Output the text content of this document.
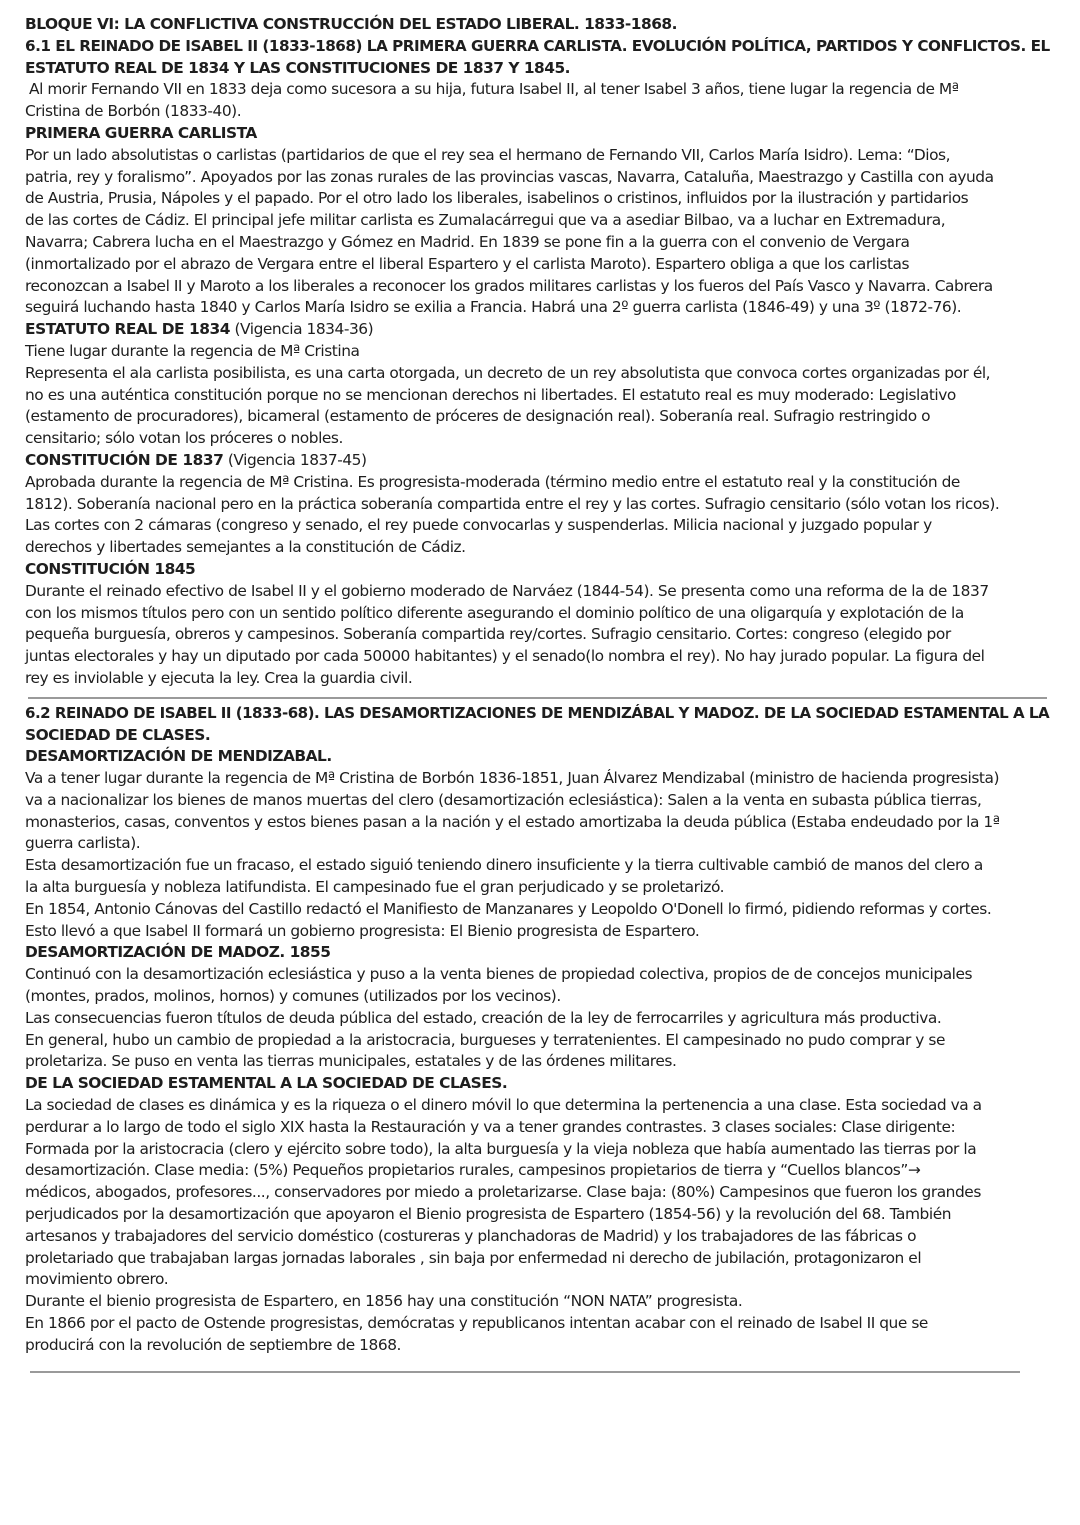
BLOQUE VI: LA CONFLICTIVA CONSTRUCCIÓN DEL ESTADO LIBERAL. 1833-1868.

6.1 EL REINADO DE ISABEL II (1833-1868) LA PRIMERA GUERRA CARLISTA. EVOLUCIÓN POLÍTICA, PARTIDOS Y CONFLICTOS. EL

ESTATUTO REAL DE 1834 Y LAS CONSTITUCIONES DE 1837 Y 1845.

Al morir Fernando VII en 1833 deja como sucesora a su hija, futura Isabel II, al tener Isabel 3 años, tiene lugar la regencia de Mª

Cristina de Borbón (1833-40).

PRIMERA GUERRA CARLISTA

Por un lado absolutistas o carlistas (partidarios de que el rey sea el hermano de Fernando VII, Carlos María Isidro). Lema: “Dios,

patria, rey y foralismo”. Apoyados por las zonas rurales de las provincias vascas, Navarra, Cataluña, Maestrazgo y Castilla con ayuda

de Austria, Prusia, Nápoles y el papado. Por el otro lado los liberales, isabelinos o cristinos, influidos por la ilustración y partidarios

de las cortes de Cádiz. El principal jefe militar carlista es Zumalacárregui que va a asediar Bilbao, va a luchar en Extremadura,

Navarra; Cabrera lucha en el Maestrazgo y Gómez en Madrid. En 1839 se pone fin a la guerra con el convenio de Vergara

(inmortalizado por el abrazo de Vergara entre el liberal Espartero y el carlista Maroto). Espartero obliga a que los carlistas

reconozcan a Isabel II y Maroto a los liberales a reconocer los grados militares carlistas y los fueros del País Vasco y Navarra. Cabrera

seguirá luchando hasta 1840 y Carlos María Isidro se exilia a Francia. Habrá una 2º guerra carlista (1846-49) y una 3º (1872-76).

ESTATUTO REAL DE 1834 (Vigencia 1834-36)

Tiene lugar durante la regencia de Mª Cristina

Representa el ala carlista posibilista, es una carta otorgada, un decreto de un rey absolutista que convoca cortes organizadas por él,

no es una auténtica constitución porque no se mencionan derechos ni libertades. El estatuto real es muy moderado: Legislativo

(estamento de procuradores), bicameral (estamento de próceres de designación real). Soberanía real. Sufragio restringido o

censitario; sólo votan los próceres o nobles.

CONSTITUCIÓN DE 1837 (Vigencia 1837-45)

Aprobada durante la regencia de Mª Cristina. Es progresista-moderada (término medio entre el estatuto real y la constitución de

1812). Soberanía nacional pero en la práctica soberanía compartida entre el rey y las cortes. Sufragio censitario (sólo votan los ricos).

Las cortes con 2 cámaras (congreso y senado, el rey puede convocarlas y suspenderlas. Milicia nacional y juzgado popular y

derechos y libertades semejantes a la constitución de Cádiz.

CONSTITUCIÓN 1845

Durante el reinado efectivo de Isabel II y el gobierno moderado de Narváez (1844-54). Se presenta como una reforma de la de 1837

con los mismos títulos pero con un sentido político diferente asegurando el dominio político de una oligarquía y explotación de la

pequeña burguesía, obreros y campesinos. Soberanía compartida rey/cortes. Sufragio censitario. Cortes: congreso (elegido por

juntas electorales y hay un diputado por cada 50000 habitantes) y el senado(lo nombra el rey). No hay jurado popular. La figura del

rey es inviolable y ejecuta la ley. Crea la guardia civil.

6.2 REINADO DE ISABEL II (1833-68). LAS DESAMORTIZACIONES DE MENDIZÁBAL Y MADOZ. DE LA SOCIEDAD ESTAMENTAL A LA

SOCIEDAD DE CLASES.

DESAMORTIZACIÓN DE MENDIZABAL.

Va a tener lugar durante la regencia de Mª Cristina de Borbón 1836-1851, Juan Álvarez Mendizabal (ministro de hacienda progresista)

va a nacionalizar los bienes de manos muertas del clero (desamortización eclesiástica): Salen a la venta en subasta pública tierras,

monasterios, casas, conventos y estos bienes pasan a la nación y el estado amortizaba la deuda pública (Estaba endeudado por la 1ª

guerra carlista).

Esta desamortización fue un fracaso, el estado siguió teniendo dinero insuficiente y la tierra cultivable cambió de manos del clero a

la alta burguesía y nobleza latifundista. El campesinado fue el gran perjudicado y se proletarizó.

En 1854, Antonio Cánovas del Castillo redactó el Manifiesto de Manzanares y Leopoldo O'Donell lo firmó, pidiendo reformas y cortes.

Esto llevó a que Isabel II formará un gobierno progresista: El Bienio progresista de Espartero.

DESAMORTIZACIÓN DE MADOZ. 1855

Continuó con la desamortización eclesiástica y puso a la venta bienes de propiedad colectiva, propios de de concejos municipales

(montes, prados, molinos, hornos) y comunes (utilizados por los vecinos).

Las consecuencias fueron títulos de deuda pública del estado, creación de la ley de ferrocarriles y agricultura más productiva.

En general, hubo un cambio de propiedad a la aristocracia, burgueses y terratenientes. El campesinado no pudo comprar y se

proletariza. Se puso en venta las tierras municipales, estatales y de las órdenes militares.

DE LA SOCIEDAD ESTAMENTAL A LA SOCIEDAD DE CLASES.

La sociedad de clases es dinámica y es la riqueza o el dinero móvil lo que determina la pertenencia a una clase. Esta sociedad va a

perdurar a lo largo de todo el siglo XIX hasta la Restauración y va a tener grandes contrastes. 3 clases sociales: Clase dirigente:

Formada por la aristocracia (clero y ejército sobre todo), la alta burguesía y la vieja nobleza que había aumentado las tierras por la

desamortización. Clase media: (5%) Pequeños propietarios rurales, campesinos propietarios de tierra y “Cuellos blancos”→

médicos, abogados, profesores..., conservadores por miedo a proletarizarse. Clase baja: (80%) Campesinos que fueron los grandes

perjudicados por la desamortización que apoyaron el Bienio progresista de Espartero (1854-56) y la revolución del 68. También

artesanos y trabajadores del servicio doméstico (costureras y planchadoras de Madrid) y los trabajadores de las fábricas o

proletariado que trabajaban largas jornadas laborales , sin baja por enfermedad ni derecho de jubilación, protagonizaron el

movimiento obrero.

Durante el bienio progresista de Espartero, en 1856 hay una constitución “NON NATA” progresista.

En 1866 por el pacto de Ostende progresistas, demócratas y republicanos intentan acabar con el reinado de Isabel II que se

producirá con la revolución de septiembre de 1868.
